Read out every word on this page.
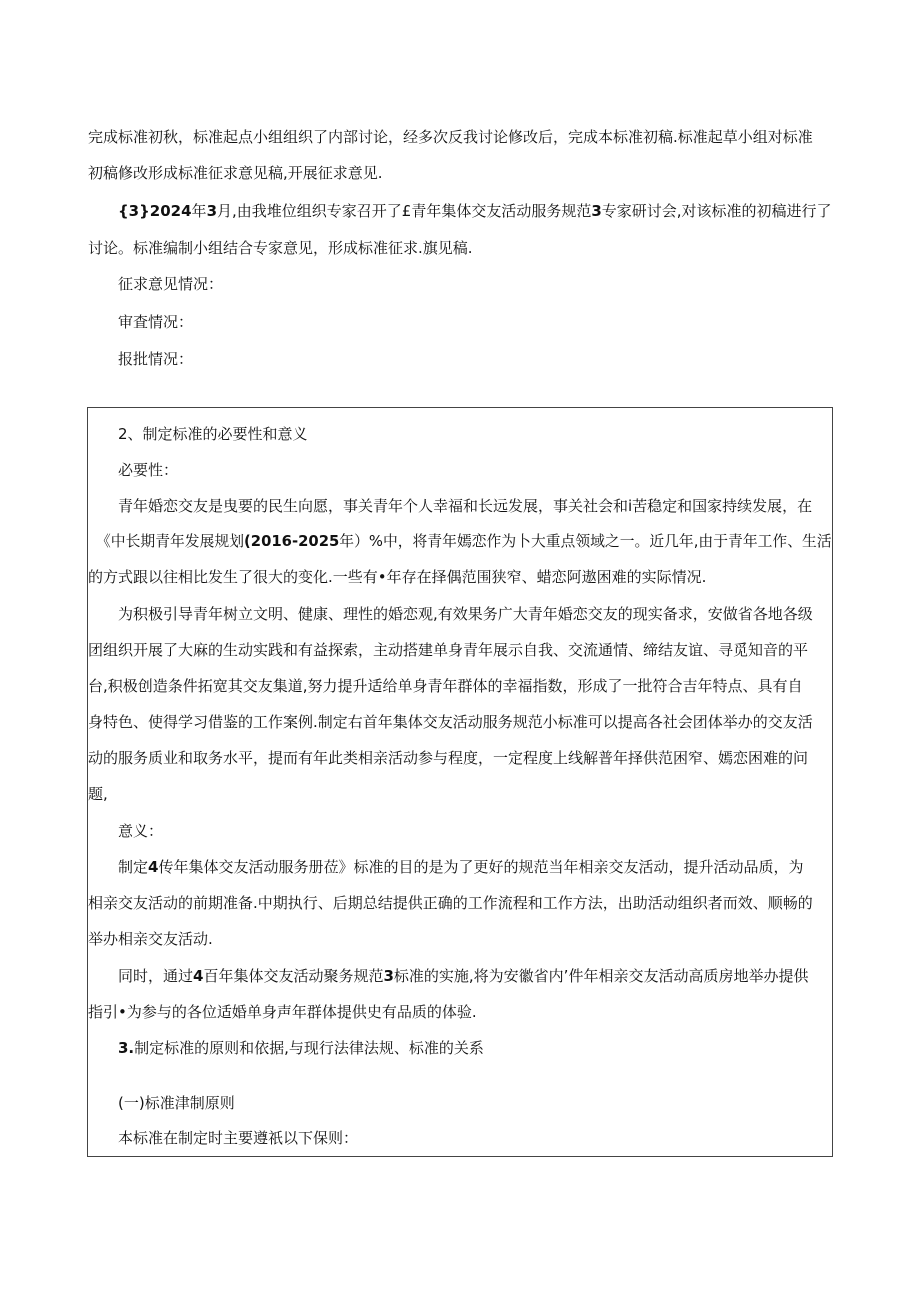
完成标准初秋，标准起点小组组织了内部讨论，经多次反我讨论修改后，完成本标准初稿.标准起草小组对标准
初稿修改形成标准征求意见稿,开展征求意见.
{3}2024年3月,由我堆位组织专家召开了£青年集体交友活动服务规范3专家研讨会,对该标准的初稿进行了
讨论。标准编制小组结合专家意见，形成标准征求.旗见稿.
征求意见情况：
审査情况：
报批情况：
2、制定标准的必要性和意义
必要性：
青年婚恋交友是曳要的民生向愿，事关青年个人幸福和长远发展，事关社会和i苦稳定和国家持续发展，在
《中长期青年发展规划(2016-2025年）%中，将青年嫣恋作为卜大重点领域之一。近几年,由于青年工作、生活
的方式跟以往相比发生了很大的变化.一些有•年存在择偶范围狭窄、蜡恋阿遨困难的实际情况.
为积极引导青年树立文明、健康、理性的婚恋观,有效果务广大青年婚恋交友的现实备求，安做省各地各级
团组织开展了大麻的生动实践和有益探索，主动搭建单身青年展示自我、交流通情、缔结友谊、寻觅知音的平
台,积极创造条件拓宽其交友集道,努力提升适给单身青年群体的幸福指数，形成了一批符合吉年特点、具有自
身特色、使得学习借鉴的工作案例.制定右首年集体交友活动服务规范小标准可以提高各社会团体举办的交友活
动的服务质业和取务水平，提而有年此类相亲活动参与程度，一定程度上线解普年择供范困窄、嫣恋困难的问
题,
意义：
制定4传年集体交友活动服务册莅》标准的目的是为了更好的规范当年相亲交友活动，提升活动品质，为
相亲交友活动的前期准备.中期执行、后期总结提供正确的工作流程和工作方法，出助活动组织者而效、顺畅的
举办相亲交友活动.
同时，通过4百年集体交友活动聚务规范3标准的实施,将为安徽省内’件年相亲交友活动高质房地举办提供
指引•为参与的各位适婚单身声年群体提供史有品质的体验.
3.制定标准的原则和依据,与现行法律法规、标准的关系
(一)标准津制原则
本标准在制定时主要遵祇以下保则：
